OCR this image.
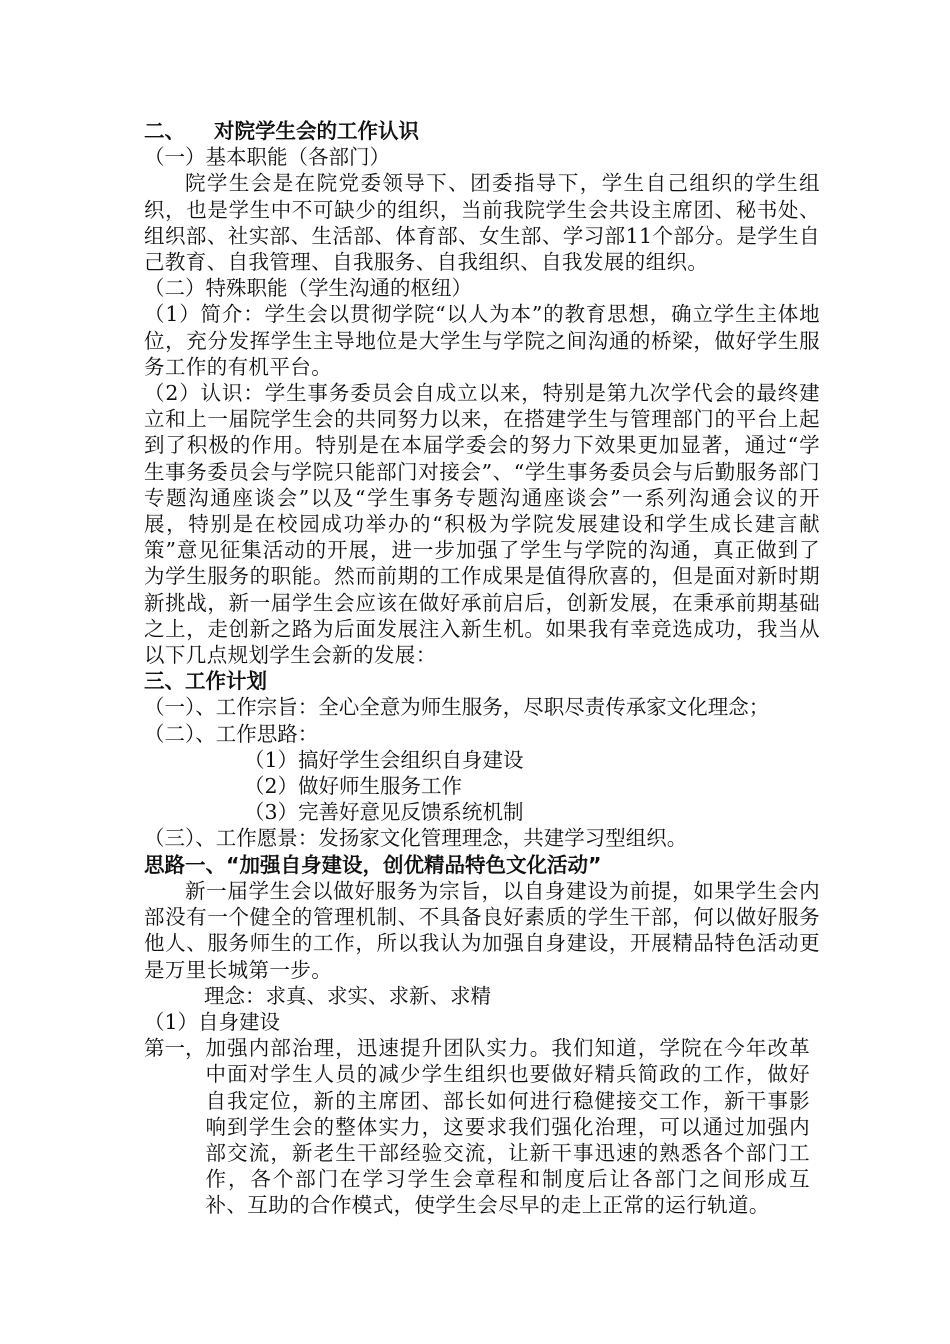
二、	对院学生会的工作认识
（一）基本职能（各部门）

院学生会是在院党委领导下、团委指导下，学生自己组织的学生组织，也是学生中不可缺少的组织，当前我院学生会共设主席团、秘书处、组织部、社实部、生活部、体育部、女生部、学习部11个部分。是学生自己教育、自我管理、自我服务、自我组织、自我发展的组织。

（二）特殊职能（学生沟通的枢纽）

（1）简介：学生会以贯彻学院“以人为本”的教育思想，确立学生主体地位，充分发挥学生主导地位是大学生与学院之间沟通的桥梁，做好学生服务工作的有机平台。

（2）认识：学生事务委员会自成立以来，特别是第九次学代会的最终建立和上一届院学生会的共同努力以来，在搭建学生与管理部门的平台上起到了积极的作用。特别是在本届学委会的努力下效果更加显著，通过“学生事务委员会与学院只能部门对接会”、“学生事务委员会与后勤服务部门专题沟通座谈会”以及“学生事务专题沟通座谈会”一系列沟通会议的开展，特别是在校园成功举办的“积极为学院发展建设和学生成长建言献策”意见征集活动的开展，进一步加强了学生与学院的沟通，真正做到了为学生服务的职能。然而前期的工作成果是值得欣喜的，但是面对新时期新挑战，新一届学生会应该在做好承前启后，创新发展，在秉承前期基础之上，走创新之路为后面发展注入新生机。如果我有幸竞选成功，我当从以下几点规划学生会新的发展：

三、工作计划
（一）、工作宗旨：全心全意为师生服务，尽职尽责传承家文化理念；
（二）、工作思路：
（1）搞好学生会组织自身建设
（2）做好师生服务工作
（3）完善好意见反馈系统机制
（三）、工作愿景：发扬家文化管理理念，共建学习型组织。
思路一、“加强自身建设，创优精品特色文化活动”

新一届学生会以做好服务为宗旨，以自身建设为前提，如果学生会内部没有一个健全的管理机制、不具备良好素质的学生干部，何以做好服务他人、服务师生的工作，所以我认为加强自身建设，开展精品特色活动更是万里长城第一步。

理念：求真、求实、求新、求精
（1）自身建设
第一， 加强内部治理，迅速提升团队实力。我们知道，学院在今年改革中面对学生人员的减少学生组织也要做好精兵简政的工作，做好自我定位，新的主席团、部长如何进行稳健接交工作，新干事影响到学生会的整体实力，这要求我们强化治理，可以通过加强内部交流，新老生干部经验交流，让新干事迅速的熟悉各个部门工作，各个部门在学习学生会章程和制度后让各部门之间形成互补、互助的合作模式，使学生会尽早的走上正常的运行轨道。
